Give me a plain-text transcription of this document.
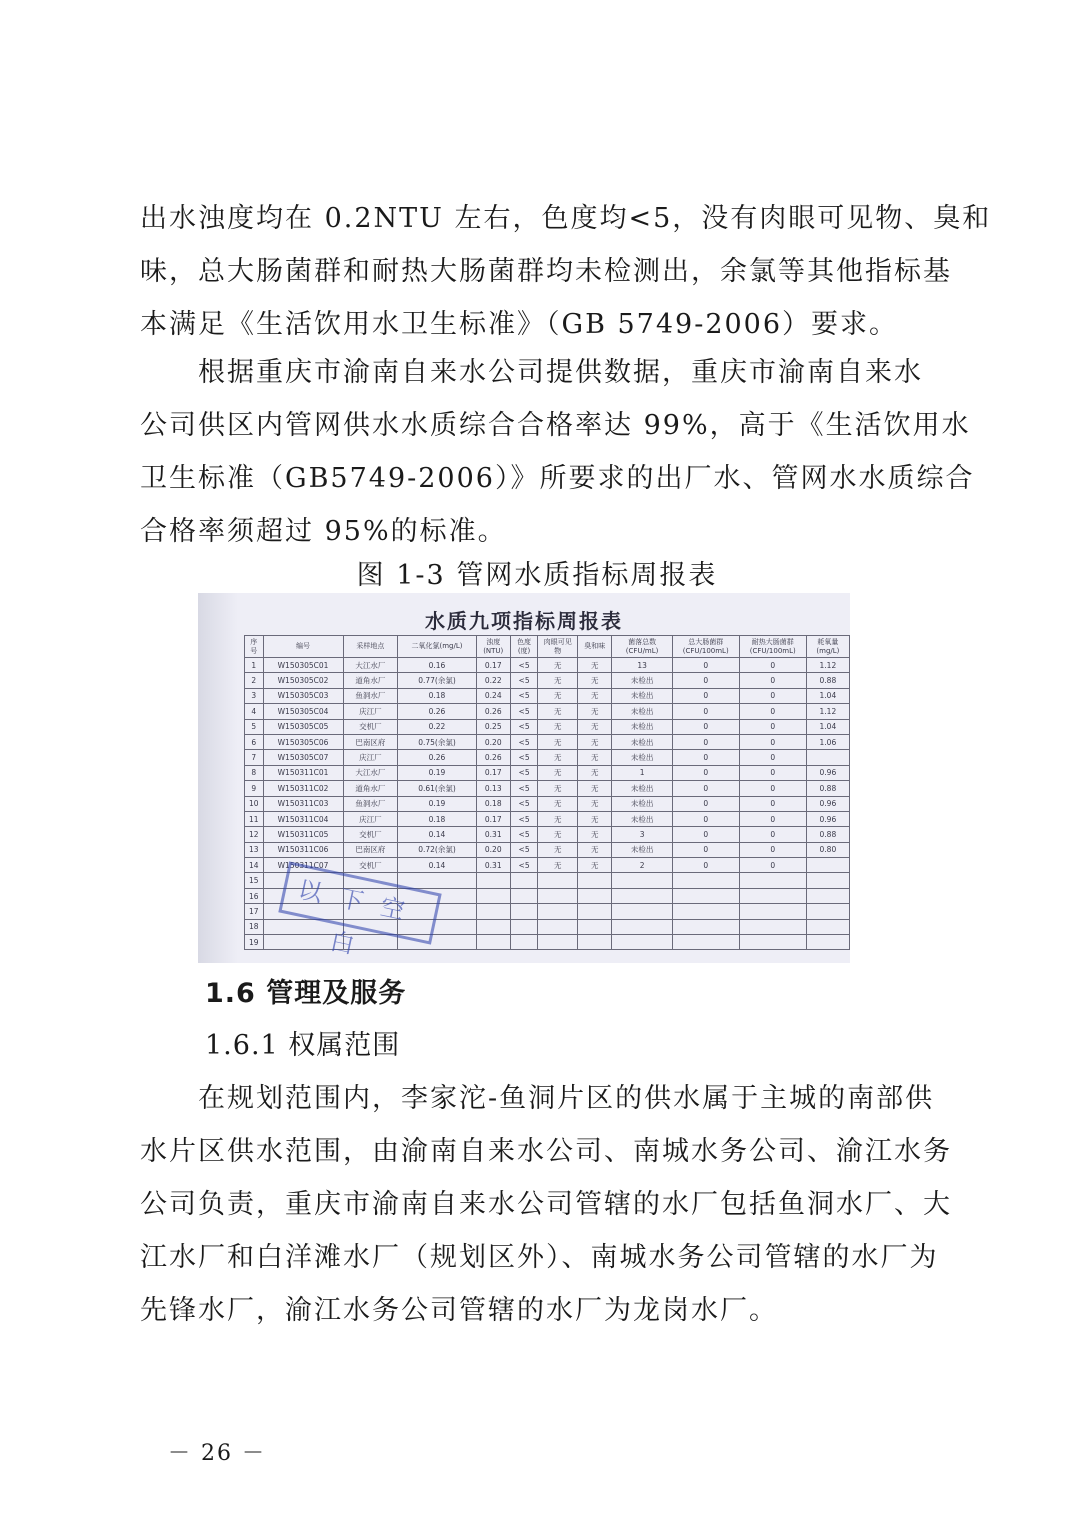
出水浊度均在 0.2NTU 左右，色度均<5，没有肉眼可见物、臭和
味，总大肠菌群和耐热大肠菌群均未检测出，余氯等其他指标基
本满足《生活饮用水卫生标准》（GB 5749-2006）要求。
　　根据重庆市渝南自来水公司提供数据，重庆市渝南自来水
公司供区内管网供水水质综合合格率达 99%，高于《生活饮用水
卫生标准（GB5749-2006）》所要求的出厂水、管网水水质综合
合格率须超过 95%的标准。
图 1-3 管网水质指标周报表
水质九项指标周报表
序号	编号	采样地点	二氧化氯(mg/L)	浊度(NTU)	色度(度)	肉眼可见物	臭和味	菌落总数(CFU/mL)	总大肠菌群(CFU/100mL)	耐热大肠菌群(CFU/100mL)	耗氧量(mg/L)
1	W150305C01	大江水厂	0.16	0.17	<5	无	无	13	0	0	1.12
2	W150305C02	道角水厂	0.77(余氯)	0.22	<5	无	无	未检出	0	0	0.88
3	W150305C03	鱼洞水厂	0.18	0.24	<5	无	无	未检出	0	0	1.04
4	W150305C04	庆江厂	0.26	0.26	<5	无	无	未检出	0	0	1.12
5	W150305C05	交机厂	0.22	0.25	<5	无	无	未检出	0	0	1.04
6	W150305C06	巴南区府	0.75(余氯)	0.20	<5	无	无	未检出	0	0	1.06
7	W150305C07	庆江厂	0.26	0.26	<5	无	无	未检出	0	0	
8	W150311C01	大江水厂	0.19	0.17	<5	无	无	1	0	0	0.96
9	W150311C02	道角水厂	0.61(余氯)	0.13	<5	无	无	未检出	0	0	0.88
10	W150311C03	鱼洞水厂	0.19	0.18	<5	无	无	未检出	0	0	0.96
11	W150311C04	庆江厂	0.18	0.17	<5	无	无	未检出	0	0	0.96
12	W150311C05	交机厂	0.14	0.31	<5	无	无	3	0	0	0.88
13	W150311C06	巴南区府	0.72(余氯)	0.20	<5	无	无	未检出	0	0	0.80
14	W150311C07	交机厂	0.14	0.31	<5	无	无	2	0	0	
15											
16											
17											
18											
19											
以下空白
1.6 管理及服务
1.6.1 权属范围
　　在规划范围内，李家沱-鱼洞片区的供水属于主城的南部供
水片区供水范围，由渝南自来水公司、南城水务公司、渝江水务
公司负责，重庆市渝南自来水公司管辖的水厂包括鱼洞水厂、大
江水厂和白洋滩水厂（规划区外）、南城水务公司管辖的水厂为
先锋水厂，渝江水务公司管辖的水厂为龙岗水厂。
－ 26 －
